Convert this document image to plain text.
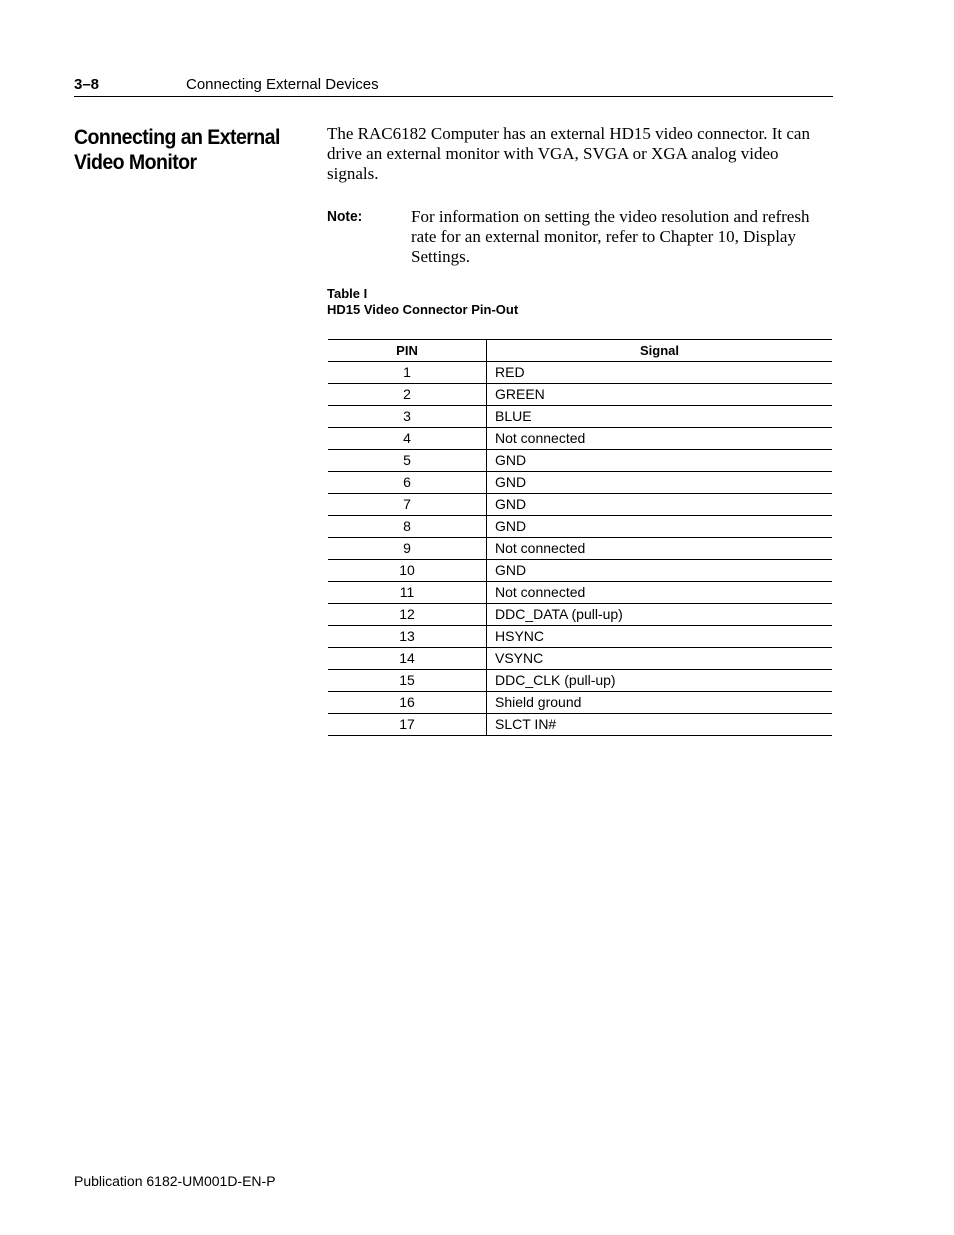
3–8	Connecting External Devices
Connecting an External
Video Monitor

The RAC6182 Computer has an external HD15 video connector. It can drive an external monitor with VGA, SVGA or XGA analog video signals.

Note:	For information on setting the video resolution and refresh rate for an external monitor, refer to Chapter 10, Display Settings.

Table I
HD15 Video Connector Pin-Out
PIN	Signal
1	RED
2	GREEN
3	BLUE
4	Not connected
5	GND
6	GND
7	GND
8	GND
9	Not connected
10	GND
11	Not connected
12	DDC_DATA (pull-up)
13	HSYNC
14	VSYNC
15	DDC_CLK (pull-up)
16	Shield ground
17	SLCT IN#
Publication 6182-UM001D-EN-P
